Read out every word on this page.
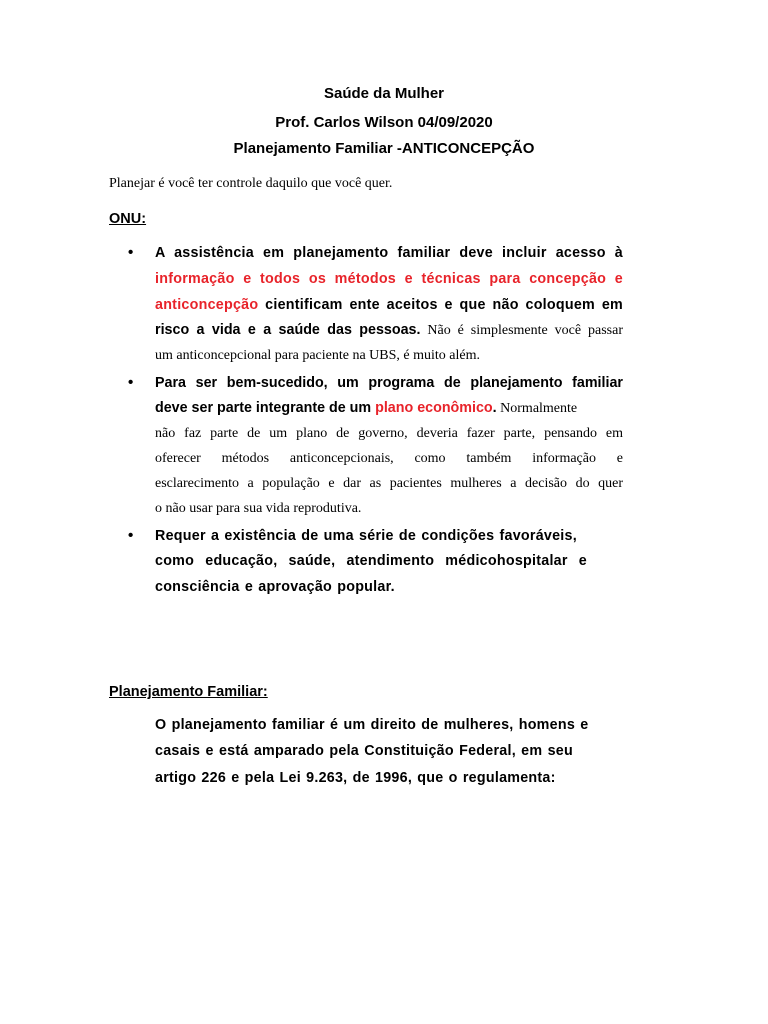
Saúde da Mulher
Prof. Carlos Wilson 04/09/2020
Planejamento Familiar -ANTICONCEPÇÃO
Planejar é você ter controle daquilo que você quer.
ONU:
• A assistência em planejamento familiar deve incluir acesso à
informação e todos os métodos e técnicas para concepção e
anticoncepção cientificam ente aceitos e que não coloquem em
risco a vida e a saúde das pessoas. Não é simplesmente você passar
um anticoncepcional para paciente na UBS, é muito além.
• Para ser bem-sucedido, um programa de planejamento familiar
deve ser parte integrante de um plano econômico. Normalmente
não faz parte de um plano de governo, deveria fazer parte, pensando em
oferecer métodos anticoncepcionais, como também informação e
esclarecimento a população e dar as pacientes mulheres a decisão do quer
o não usar para sua vida reprodutiva.
• Requer a existência de uma série de condições favoráveis,
como educação, saúde, atendimento médicohospitalar e
consciência e aprovação popular.
Planejamento Familiar:
O planejamento familiar é um direito de mulheres, homens e
casais e está amparado pela Constituição Federal, em seu
artigo 226 e pela Lei 9.263, de 1996, que o regulamenta:
